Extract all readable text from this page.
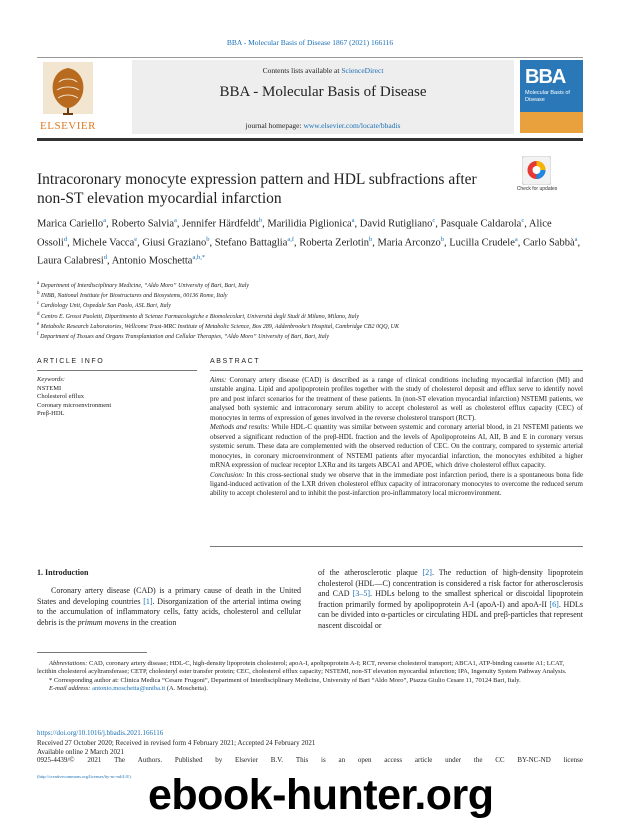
BBA - Molecular Basis of Disease 1867 (2021) 166116
ELSEVIER
Contents lists available at ScienceDirect
BBA - Molecular Basis of Disease
journal homepage: www.elsevier.com/locate/bbadis
BBA
Molecular Basis of Disease
Intracoronary monocyte expression pattern and HDL subfractions after non-ST elevation myocardial infarction
Check for updates
Marica Cariello$^a$, Roberto Salvia$^a$, Jennifer Härdfeldt$^b$, Marilidia Piglionica$^a$, David Rutigliano$^c$, Pasquale Caldarola$^c$, Alice Ossoli$^d$, Michele Vacca$^e$, Giusi Graziano$^b$, Stefano Battaglia$^{a,f}$, Roberta Zerlotin$^b$, Maria Arconzo$^b$, Lucilla Crudele$^a$, Carlo Sabbà$^a$, Laura Calabresi$^d$, Antonio Moschetta$^{a,b,*}$
$^a$ Department of Interdisciplinary Medicine, “Aldo Moro” University of Bari, Bari, Italy
$^b$ INBB, National Institute for Biostructures and Biosystems, 00136 Rome, Italy
$^c$ Cardiology Unit, Ospedale San Paolo, ASL Bari, Italy
$^d$ Centro E. Grossi Paoletti, Dipartimento di Scienze Farmacologiche e Biomolecolari, Università degli Studi di Milano, Milano, Italy
$^e$ Metabolic Research Laboratories, Wellcome Trust-MRC Institute of Metabolic Science, Box 289, Addenbrooke’s Hospital, Cambridge CB2 0QQ, UK
$^f$ Department of Tissues and Organs Transplantation and Cellular Therapies, “Aldo Moro” University of Bari, Bari, Italy
ARTICLE INFO	ABSTRACT
Keywords:
NSTEMI
Cholesterol efflux
Coronary microenvironment
Preβ-HDL

Aims: Coronary artery disease (CAD) is described as a range of clinical conditions including myocardial infarction (MI) and unstable angina. Lipid and apolipoprotein profiles together with the study of cholesterol deposit and efflux serve to identify novel pre and post infarct scenarios for the treatment of these patients. In (non-ST elevation myocardial infarction) NSTEMI patients, we analysed both systemic and intracoronary serum ability to accept cholesterol as well as cholesterol efflux capacity (CEC) of monocytes in terms of expression of genes involved in the reverse cholesterol transport (RCT).

Methods and results: While HDL-C quantity was similar between systemic and coronary arterial blood, in 21 NSTEMI patients we observed a significant reduction of the preβ-HDL fraction and the levels of Apolipoproteins AI, AII, B and E in coronary versus systemic serum. These data are complemented with the observed reduction of CEC. On the contrary, compared to systemic arterial monocytes, in coronary microenvironment of NSTEMI patients after myocardial infarction, the monocytes exhibited a higher mRNA expression of nuclear receptor LXRα and its targets ABCA1 and APOE, which drive cholesterol efflux capacity.

Conclusion: In this cross-sectional study we observe that in the immediate post infarction period, there is a spontaneous bona fide ligand-induced activation of the LXR driven cholesterol efflux capacity of intracoronary monocytes to overcome the reduced serum ability to accept cholesterol and to inhibit the post-infarction pro-inflammatory local microenvironment.

1. Introduction
Coronary artery disease (CAD) is a primary cause of death in the United States and developing countries [1]. Disorganization of the arterial intima owing to the accumulation of inflammatory cells, fatty acids, cholesterol and cellular debris is the primum movens in the creation
of the atherosclerotic plaque [2]. The reduction of high-density lipoprotein cholesterol (HDL—C) concentration is considered a risk factor for atherosclerosis and CAD [3–5]. HDLs belong to the smallest spherical or discoidal lipoprotein fraction primarily formed by apolipoprotein A-I (apoA-I) and apoA-II [6]. HDLs can be divided into α-particles or circulating HDL and preβ-particles that represent nascent discoidal or

Abbreviations: CAD, coronary artery disease; HDL-C, high-density lipoprotein cholesterol; apoA-I, apolipoprotein A-I; RCT, reverse cholesterol transport; ABCA1, ATP-binding cassette A1; LCAT, lecithin cholesterol acyltransferase; CETP, cholesteryl ester transfer protein; CEC, cholesterol efflux capacity; NSTEMI, non-ST elevation myocardial infarction; IPA, Ingenuity System Pathway Analysis.

* Corresponding author at: Clinica Medica “Cesare Frugoni”, Department of Interdisciplinary Medicine, University of Bari “Aldo Moro”, Piazza Giulio Cesare 11, 70124 Bari, Italy.

E-mail address: antonio.moschetta@uniba.it (A. Moschetta).

https://doi.org/10.1016/j.bbadis.2021.166116
Received 27 October 2020; Received in revised form 4 February 2021; Accepted 24 February 2021
Available online 2 March 2021
0925-4439/© 2021 The Authors. Published by Elsevier B.V. This is an open access article under the CC BY-NC-ND license
(http://creativecommons.org/licenses/by-nc-nd/4.0/). ebook-hunter.org
